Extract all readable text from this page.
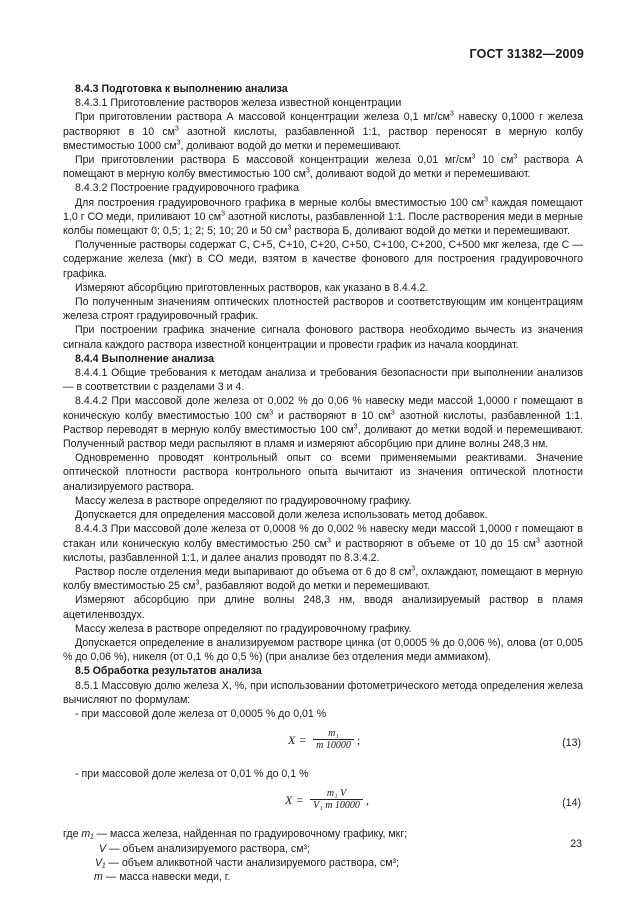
ГОСТ 31382—2009

8.4.3 Подготовка к выполнению анализа

8.4.3.1 Приготовление растворов железа известной концентрации

При приготовлении раствора А массовой концентрации железа 0,1 $мг/см^3$ навеску 0,1000 г железа растворяют в 10 $см^3$ азотной кислоты, разбавленной 1:1, раствор переносят в мерную колбу вместимостью 1000 $см^3$, доливают водой до метки и перемешивают.

При приготовлении раствора Б массовой концентрации железа 0,01 $мг/см^3$ 10 $см^3$ раствора А помещают в мерную колбу вместимостью 100 $см^3$, доливают водой до метки и перемешивают.

8.4.3.2 Построение градуировочного графика

Для построения градуировочного графика в мерные колбы вместимостью 100 $см^3$ каждая помещают 1,0 г СО меди, приливают 10 $см^3$ азотной кислоты, разбавленной 1:1. После растворения меди в мерные колбы помещают 0; 0,5; 1; 2; 5; 10; 20 и 50 $см^3$ раствора Б, доливают водой до метки и перемешивают.

Полученные растворы содержат C, C+5, C+10, C+20, C+50, C+100, C+200, C+500 мкг железа, где C — содержание железа (мкг) в СО меди, взятом в качестве фонового для построения градуировочного графика.

Измеряют абсорбцию приготовленных растворов, как указано в 8.4.4.2.

По полученным значениям оптических плотностей растворов и соответствующим им концентрациям железа строят градуировочный график.

При построении графика значение сигнала фонового раствора необходимо вычесть из значения сигнала каждого раствора известной концентрации и провести график из начала координат.

8.4.4 Выполнение анализа

8.4.4.1 Общие требования к методам анализа и требования безопасности при выполнении анализов — в соответствии с разделами 3 и 4.

8.4.4.2 При массовой доле железа от 0,002 % до 0,06 % навеску меди массой 1,0000 г помещают в коническую колбу вместимостью 100 $см^3$ и растворяют в 10 $см^3$ азотной кислоты, разбавленной 1:1. Раствор переводят в мерную колбу вместимостью 100 $см^3$, доливают до метки водой и перемешивают. Полученный раствор меди распыляют в пламя и измеряют абсорбцию при длине волны 248,3 нм.

Одновременно проводят контрольный опыт со всеми применяемыми реактивами. Значение оптической плотности раствора контрольного опыта вычитают из значения оптической плотности анализируемого раствора.

Массу железа в растворе определяют по градуировочному графику.

Допускается для определения массовой доли железа использовать метод добавок.

8.4.4.3 При массовой доле железа от 0,0008 % до 0,002 % навеску меди массой 1,0000 г помещают в стакан или коническую колбу вместимостью 250 $см^3$ и растворяют в объеме от 10 до 15 $см^3$ азотной кислоты, разбавленной 1:1, и далее анализ проводят по 8.3.4.2.

Раствор после отделения меди выпаривают до объема от 6 до 8 $см^3$, охлаждают, помещают в мерную колбу вместимостью 25 $см^3$, разбавляют водой до метки и перемешивают.

Измеряют абсорбцию при длине волны 248,3 нм, вводя анализируемый раствор в пламя ацетиленвоздух.

Массу железа в растворе определяют по градуировочному графику.

Допускается определение в анализируемом растворе цинка (от 0,0005 % до 0,006 %), олова (от 0,005 % до 0,06 %), никеля (от 0,1 % до 0,5 %) (при анализе без отделения меди аммиаком).

8.5 Обработка результатов анализа

8.5.1 Массовую долю железа X, %, при использовании фотометрического метода определения железа вычисляют по формулам:

- при массовой доле железа от 0,0005 % до 0,01 %

$X = \frac{\text{m₁}}{m 10000}$ ;	(13)

- при массовой доле железа от 0,01 % до 0,1 %

$X = \frac{\text{m₁ V}}{\text{V₁ m 10000}}$ ,	(14)
где m₁ — масса железа, найденная по градуировочному графику, мкг;
V — объем анализируемого раствора, см³;
V₁ — объем аликвотной части анализируемого раствора, см³;
m — масса навески меди, г.
23
